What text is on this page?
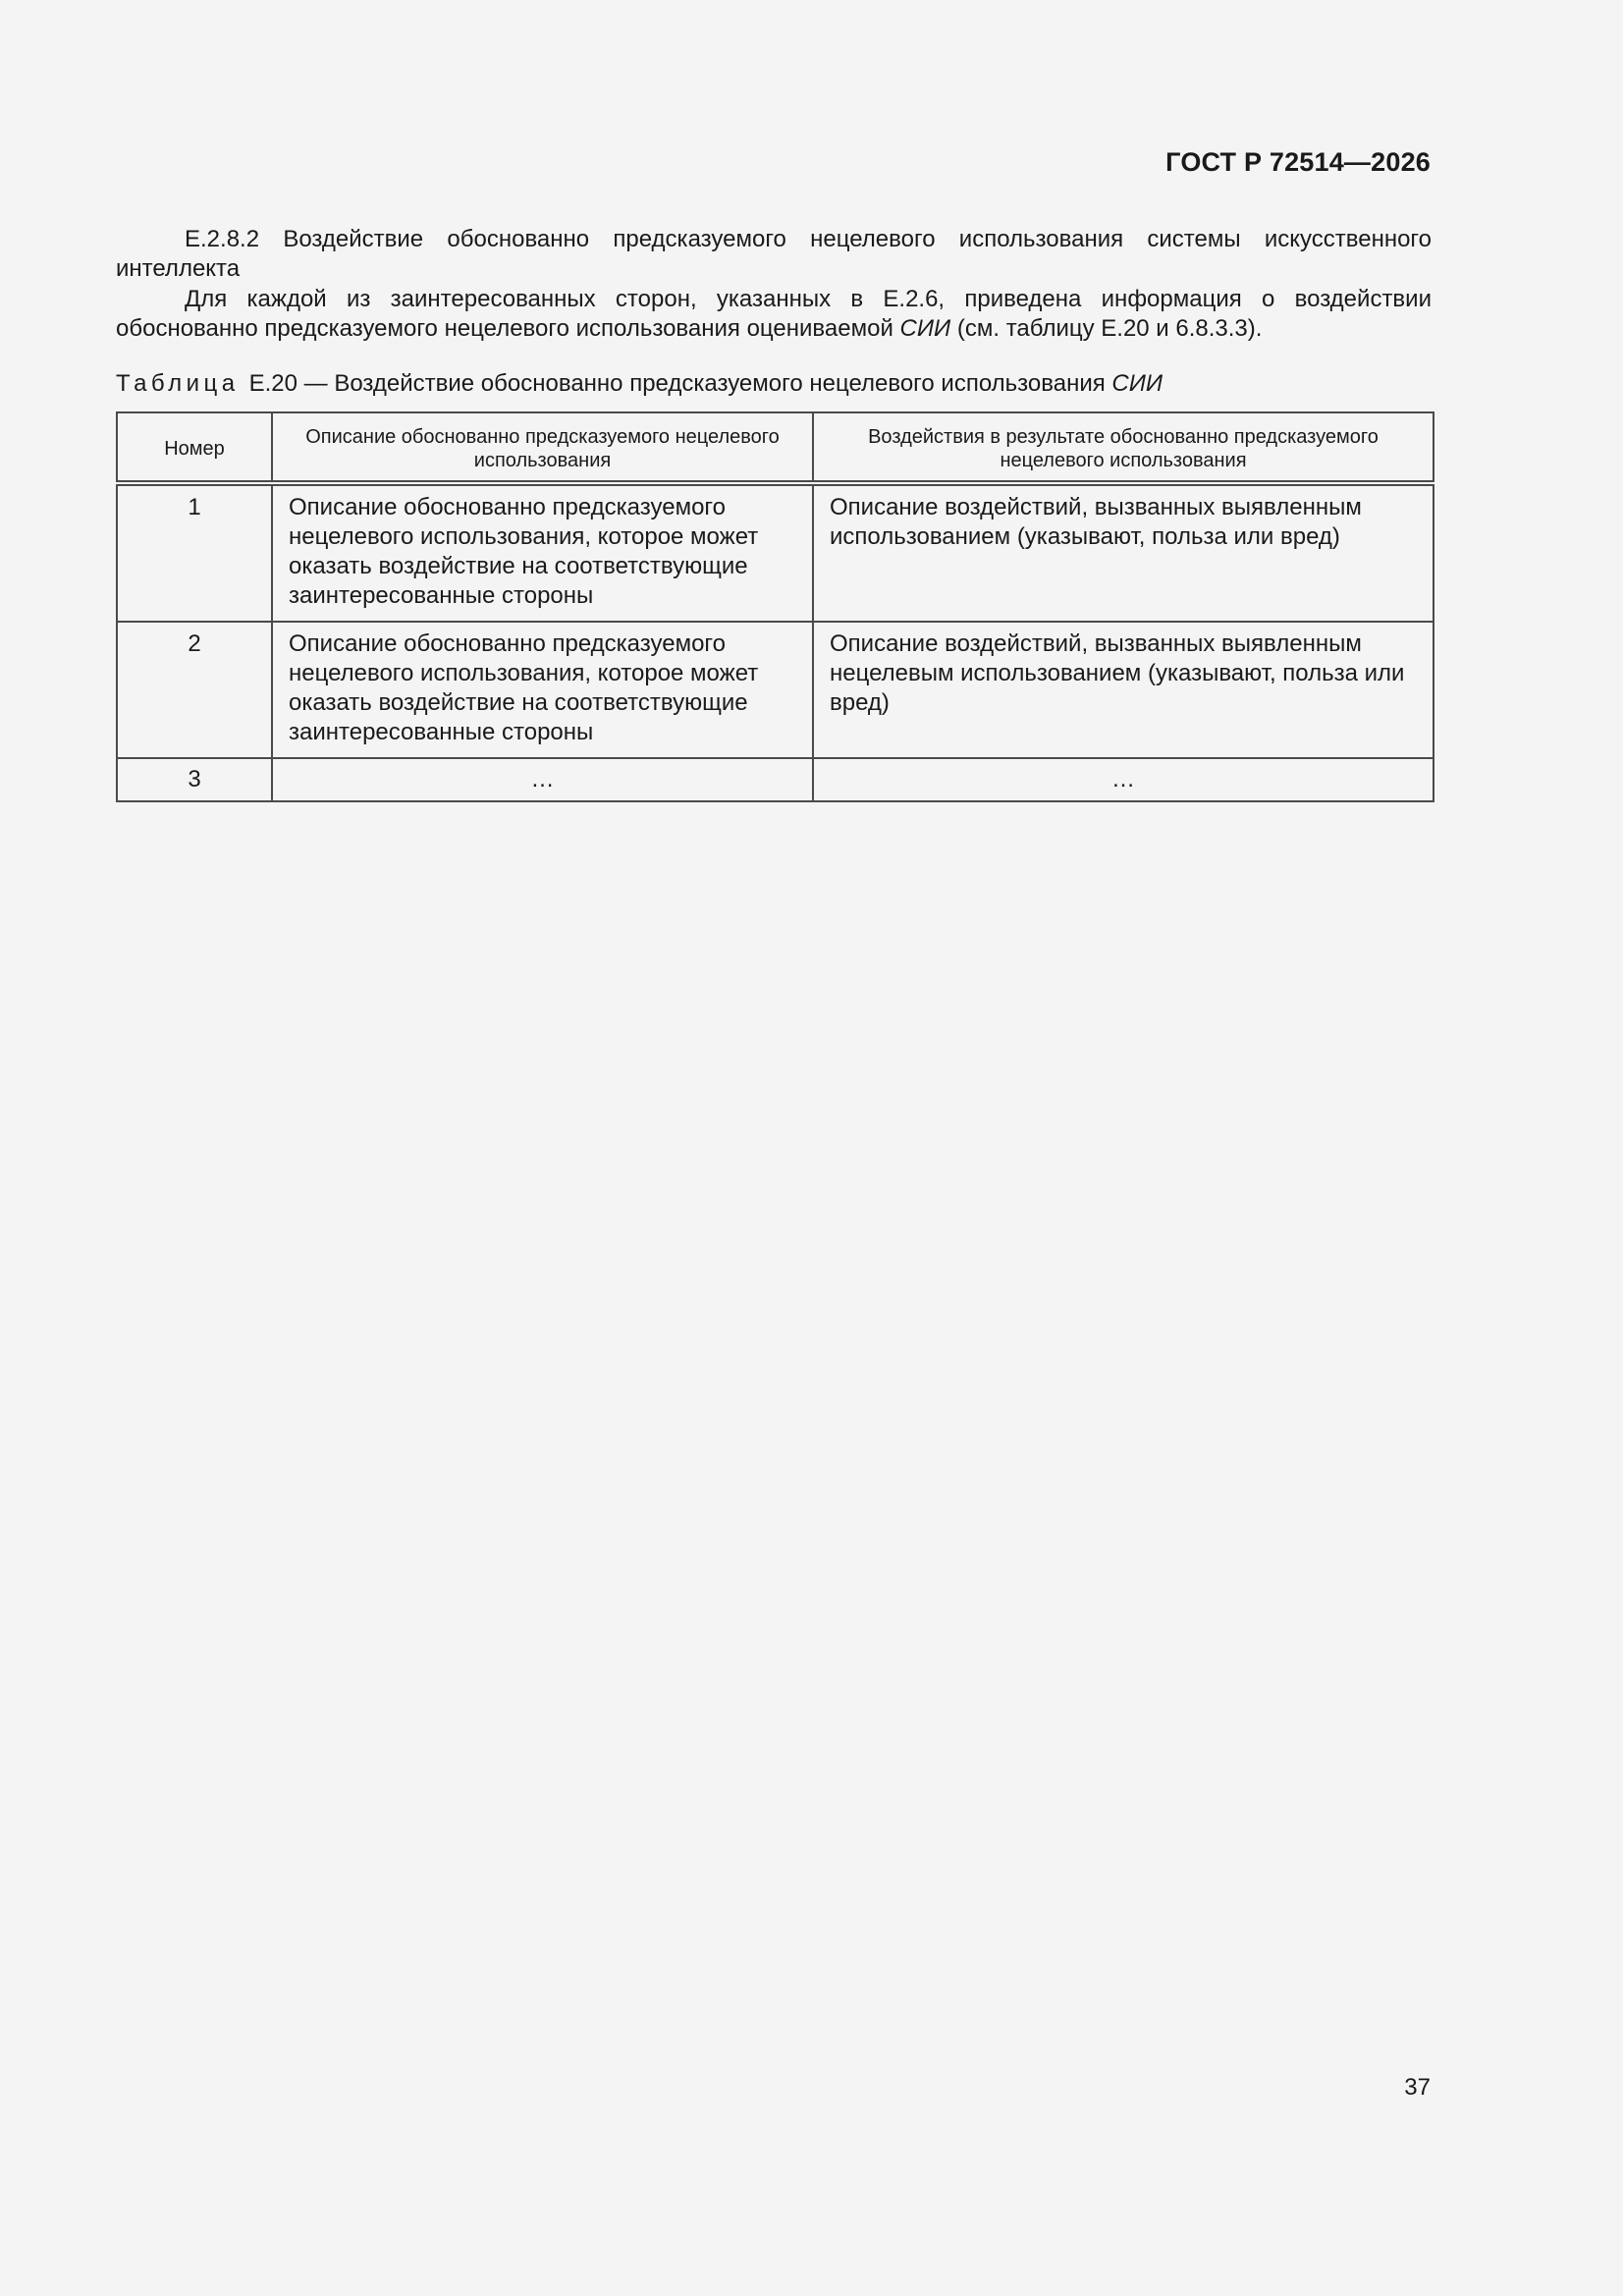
ГОСТ Р 72514—2026

Е.2.8.2 Воздействие обоснованно предсказуемого нецелевого использования системы искусственного интеллекта

Для каждой из заинтересованных сторон, указанных в Е.2.6, приведена информация о воздействии обоснованно предсказуемого нецелевого использования оцениваемой СИИ (см. таблицу Е.20 и 6.8.3.3).

Таблица Е.20 — Воздействие обоснованно предсказуемого нецелевого использования СИИ
Номер	Описание обоснованно предсказуемого нецелевого использования	Воздействия в результате обоснованно предсказуемого нецелевого использования
1	Описание обоснованно предсказуемого нецелевого использования, которое может оказать воздействие на соответствующие заинтересованные стороны	Описание воздействий, вызванных выявленным использованием (указывают, польза или вред)
2	Описание обоснованно предсказуемого нецелевого использования, которое может оказать воздействие на соответствующие заинтересованные стороны	Описание воздействий, вызванных выявленным нецелевым использованием (указывают, польза или вред)
3	…	…
37
